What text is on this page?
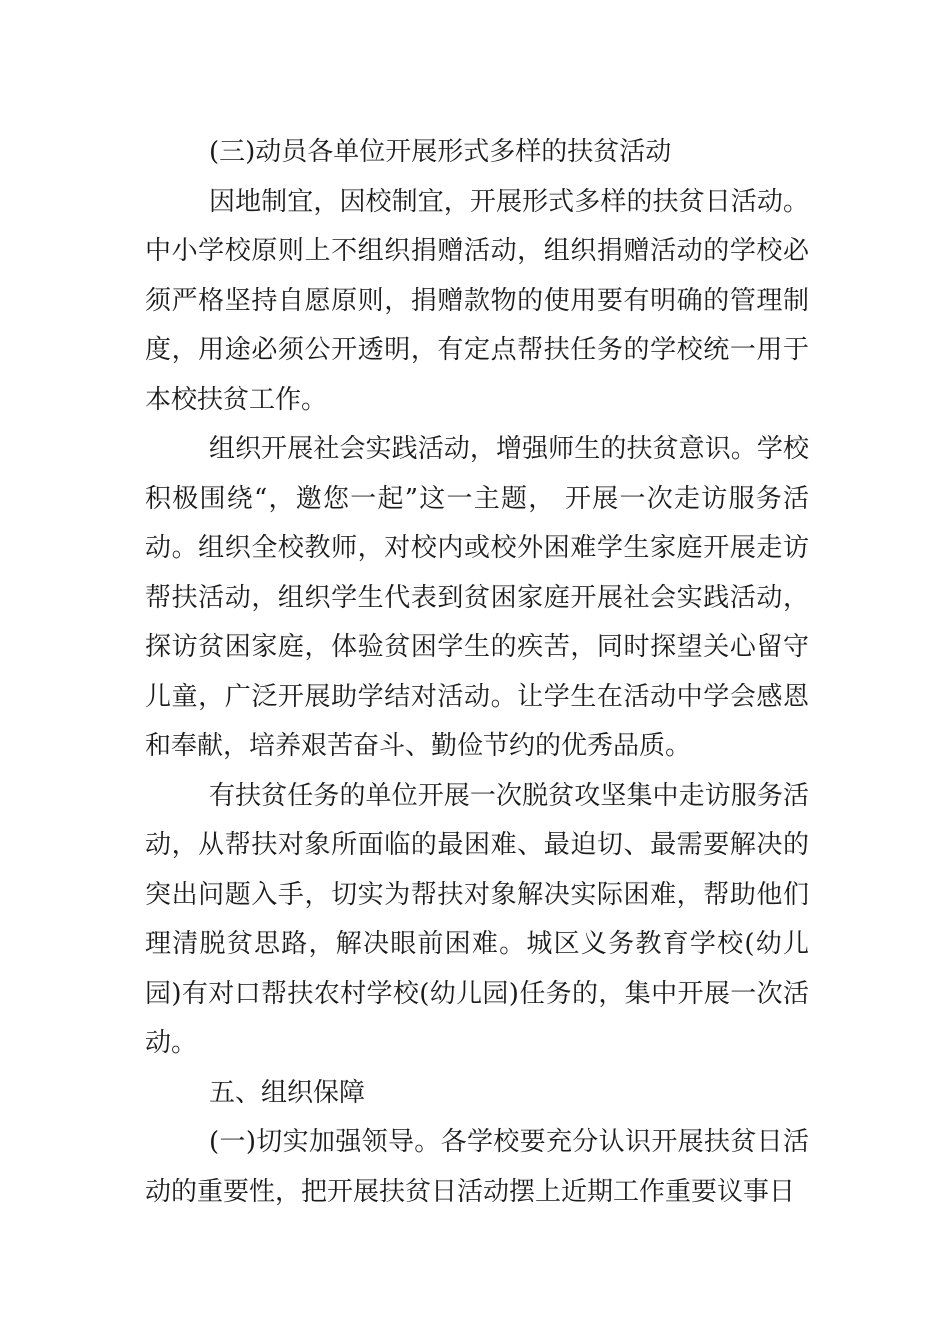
(三)动员各单位开展形式多样的扶贫活动

因地制宜，因校制宜，开展形式多样的扶贫日活动。中小学校原则上不组织捐赠活动，组织捐赠活动的学校必须严格坚持自愿原则，捐赠款物的使用要有明确的管理制度，用途必须公开透明，有定点帮扶任务的学校统一用于本校扶贫工作。

组织开展社会实践活动，增强师生的扶贫意识。学校积极围绕“，邀您一起”这一主题， 开展一次走访服务活动。组织全校教师，对校内或校外困难学生家庭开展走访帮扶活动，组织学生代表到贫困家庭开展社会实践活动，探访贫困家庭，体验贫困学生的疾苦，同时探望关心留守儿童，广泛开展助学结对活动。让学生在活动中学会感恩和奉献，培养艰苦奋斗、勤俭节约的优秀品质。

有扶贫任务的单位开展一次脱贫攻坚集中走访服务活动，从帮扶对象所面临的最困难、最迫切、最需要解决的突出问题入手，切实为帮扶对象解决实际困难，帮助他们理清脱贫思路，解决眼前困难。城区义务教育学校(幼儿园)有对口帮扶农村学校(幼儿园)任务的，集中开展一次活动。

五、组织保障

(一)切实加强领导。各学校要充分认识开展扶贫日活动的重要性，把开展扶贫日活动摆上近期工作重要议事日
